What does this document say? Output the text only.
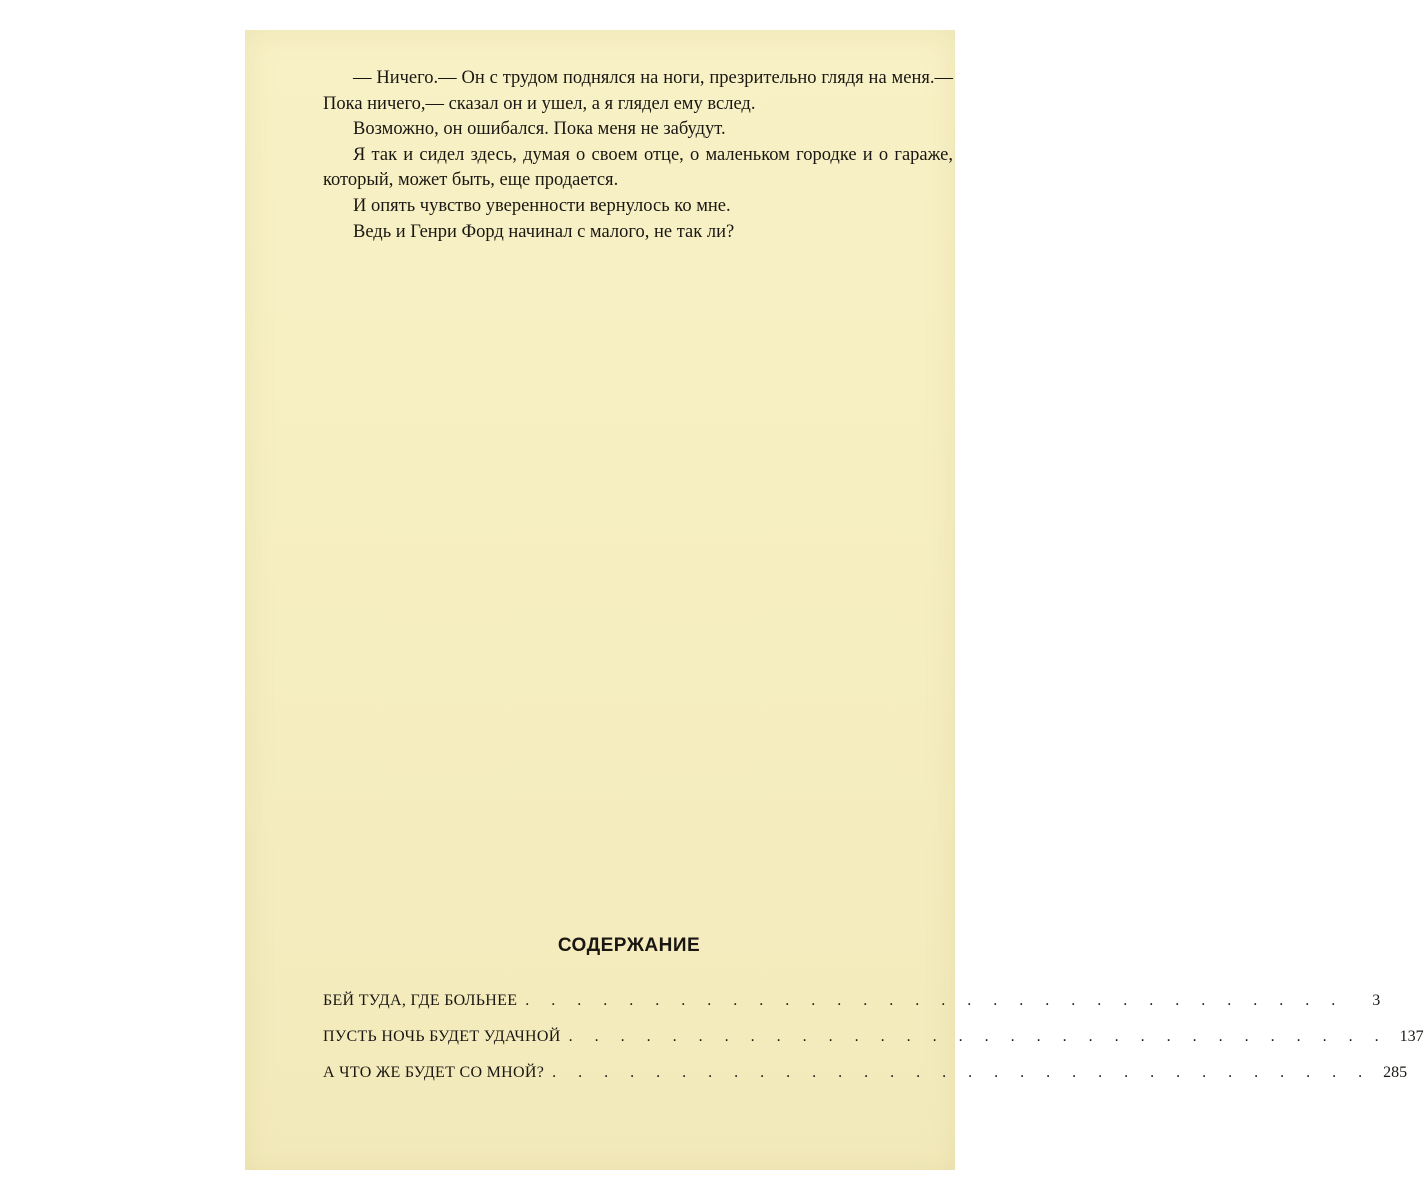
— Ничего.— Он с трудом поднялся на ноги, презрительно глядя на меня.— Пока ничего,— сказал он и ушел, а я глядел ему вслед.

Возможно, он ошибался. Пока меня не забудут.

Я так и сидел здесь, думая о своем отце, о маленьком городке и о гараже, который, может быть, еще продается.

И опять чувство уверенности вернулось ко мне.

Ведь и Генри Форд начинал с малого, не так ли?

СОДЕРЖАНИЕ
БЕЙ ТУДА, ГДЕ БОЛЬНЕЕ . . . . . . . . . . . . . . . . . . . . . . . . . . . . . . . .	3
ПУСТЬ НОЧЬ БУДЕТ УДАЧНОЙ . . . . . . . . . . . . . . . . . . . . . . . . . . . . . . . . 137
А ЧТО ЖЕ БУДЕТ СО МНОЙ? . . . . . . . . . . . . . . . . . . . . . . . . . . . . . . . . 285
